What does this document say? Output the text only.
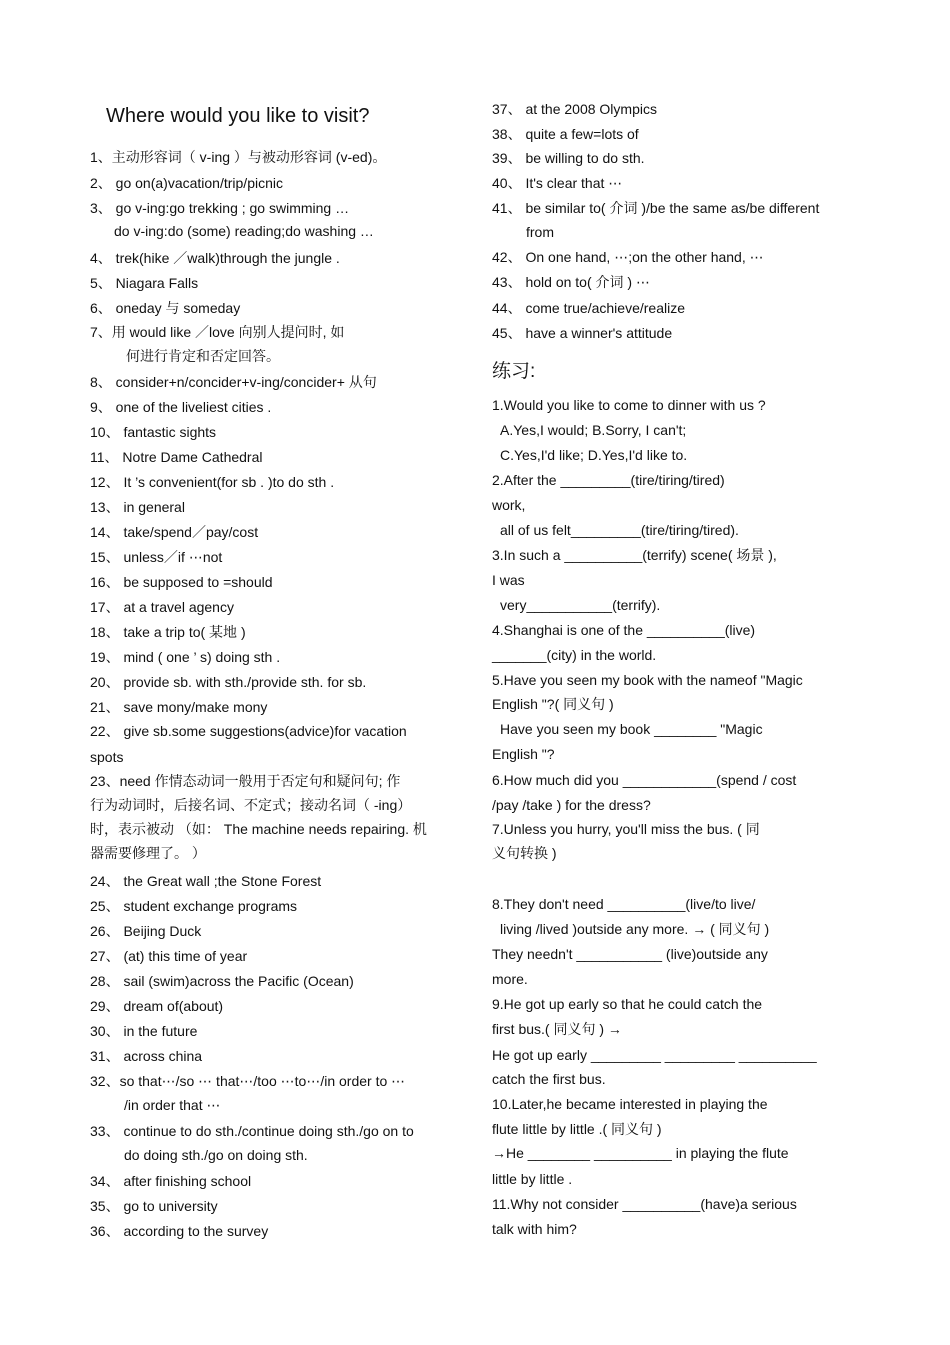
Where would you like to visit?
1、主动形容词（ v-ing ）与被动形容词 (v-ed)。
2、 go on(a)vacation/trip/picnic
3、 go v-ing:go trekking ; go swimming …
do v-ing:do (some) reading;do washing …
4、 trek(hike ／walk)through the jungle .
5、 Niagara Falls
6、 oneday 与 someday
7、用 would like ／love 向别人提问时, 如
何进行肯定和否定回答。
8、 consider+n/concider+v-ing/concider+ 从句
9、 one of the liveliest cities .
10、 fantastic sights
11、 Notre Dame Cathedral
12、 It ’s convenient(for sb . )to do sth .
13、 in general
14、 take/spend／pay/cost
15、 unless／if ⋯not
16、 be supposed to =should
17、 at a travel agency
18、 take a trip to( 某地 )
19、 mind ( one ’ s) doing sth .
20、 provide sb. with sth./provide sth. for sb.
21、 save mony/make mony
22、 give sb.some suggestions(advice)for vacation
spots
23、need 作情态动词一般用于否定句和疑问句; 作
行为动词时，后接名词、不定式；接动名词（ -ing）
时，表示被动 （如： The machine needs repairing. 机
器需要修理了。 ）
24、 the Great wall ;the Stone Forest
25、 student exchange programs
26、 Beijing Duck
27、 (at) this time of year
28、 sail (swim)across the Pacific (Ocean)
29、 dream of(about)
30、 in the future
31、 across china
32、so that⋯/so ⋯ that⋯/too ⋯to⋯/in order to ⋯
/in order that ⋯
33、 continue to do sth./continue doing sth./go on to
do doing sth./go on doing sth.
34、 after finishing school
35、 go to university
36、 according to the survey
37、 at the 2008 Olympics
38、 quite a few=lots of
39、 be willing to do sth.
40、 It's clear that ⋯
41、 be similar to( 介词 )/be the same as/be different
from
42、 On one hand, ⋯;on the other hand, ⋯
43、 hold on to( 介词 ) ⋯
44、 come true/achieve/realize
45、 have a winner's attitude
练习:
1.Would you like to come to dinner with us ?
A.Yes,I would; B.Sorry, I can't;
C.Yes,I'd like; D.Yes,I'd like to.
2.After the _________(tire/tiring/tired)
work,
all of us felt_________(tire/tiring/tired).
3.In such a __________(terrify) scene( 场景 ),
I was
very___________(terrify).
4.Shanghai is one of the __________(live)
_______(city) in the world.
5.Have you seen my book with the nameof "Magic
English "?( 同义句 )
Have you seen my book ________ "Magic
English "?
6.How much did you ____________(spend / cost
/pay /take ) for the dress?
7.Unless you hurry, you'll miss the bus. ( 同
义句转换 )
8.They don't need __________(live/to live/
living /lived )outside any more. → ( 同义句 )
They needn't ___________ (live)outside any
more.
9.He got up early so that he could catch the
first bus.( 同义句 ) →
He got up early _________ _________ __________
catch the first bus.
10.Later,he became interested in playing the
flute little by little .( 同义句 )
→He ________ __________ in playing the flute
little by little .
11.Why not consider __________(have)a serious
talk with him?
